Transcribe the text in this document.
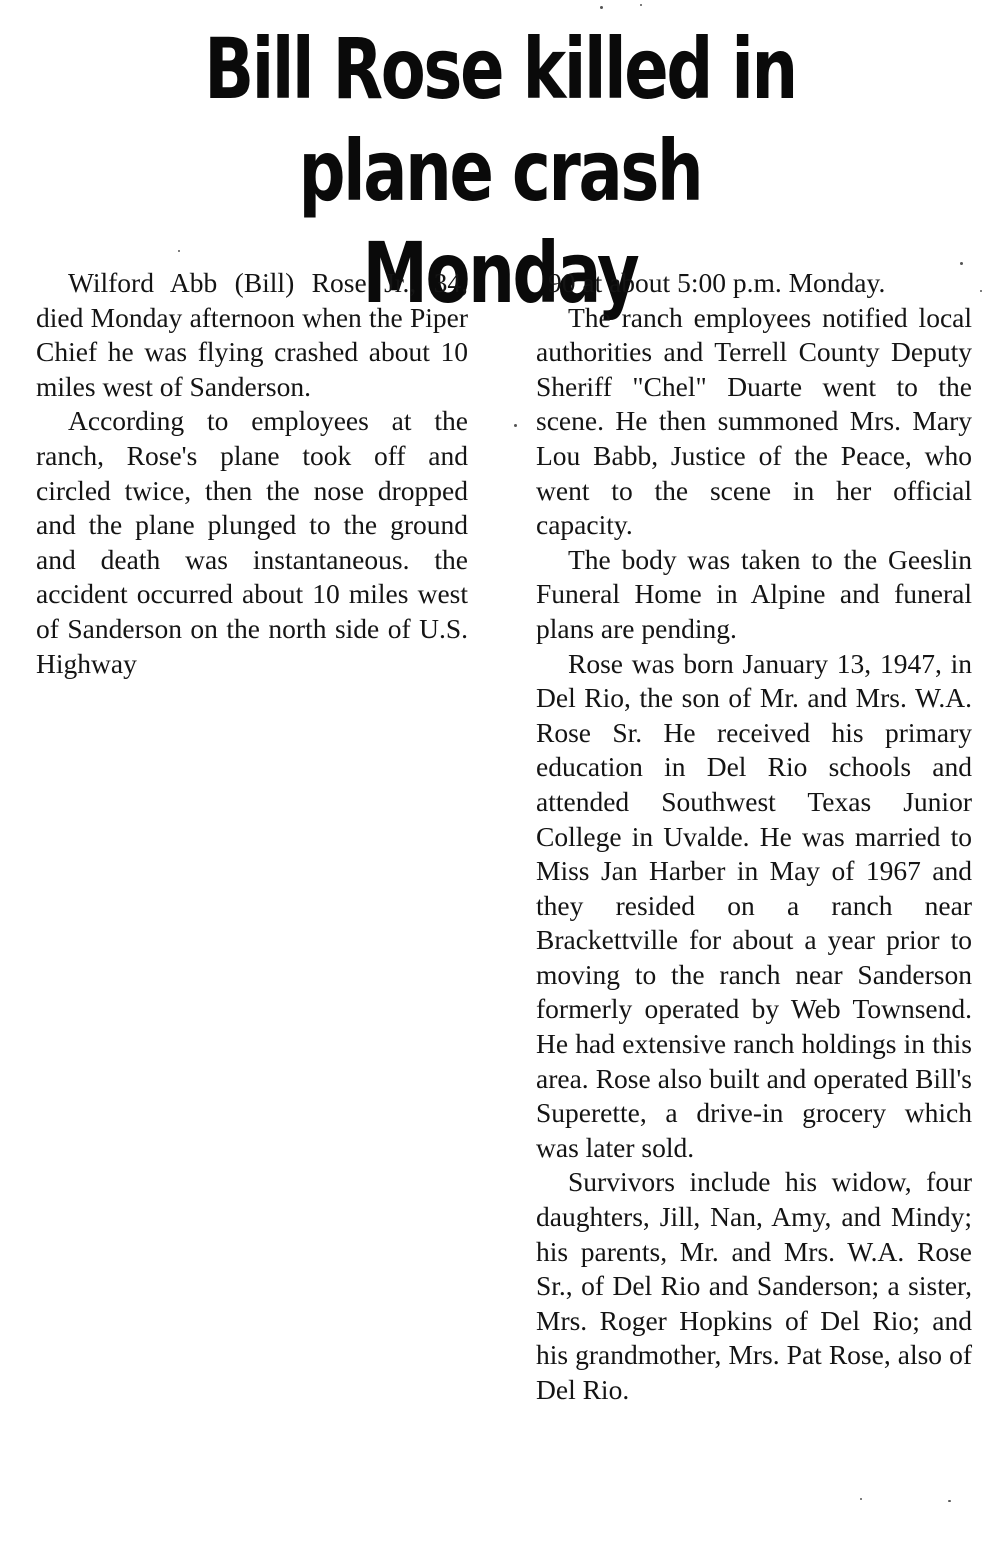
Bill Rose killed in plane crash Monday

Wilford Abb (Bill) Rose Jr., 34, died Monday afternoon when the Piper Chief he was flying crashed about 10 miles west of Sanderson.

According to employees at the ranch, Rose's plane took off and circled twice, then the nose dropped and the plane plunged to the ground and death was instantaneous. the accident occurred about 10 miles west of Sanderson on the north side of U.S. Highway

90 at about 5:00 p.m. Monday.

The ranch employees notified local authorities and Terrell County Deputy Sheriff "Chel" Duarte went to the scene. He then summoned Mrs. Mary Lou Babb, Justice of the Peace, who went to the scene in her official capacity.

The body was taken to the Geeslin Funeral Home in Alpine and funeral plans are pending.

Rose was born January 13, 1947, in Del Rio, the son of Mr. and Mrs. W.A. Rose Sr. He received his primary education in Del Rio schools and attended Southwest Texas Junior College in Uvalde. He was married to Miss Jan Harber in May of 1967 and they resided on a ranch near Brackettville for about a year prior to moving to the ranch near Sanderson formerly operated by Web Townsend. He had extensive ranch holdings in this area. Rose also built and operated Bill's Superette, a drive-in grocery which was later sold.

Survivors include his widow, four daughters, Jill, Nan, Amy, and Mindy; his parents, Mr. and Mrs. W.A. Rose Sr., of Del Rio and Sanderson; a sister, Mrs. Roger Hopkins of Del Rio; and his grandmother, Mrs. Pat Rose, also of Del Rio.
